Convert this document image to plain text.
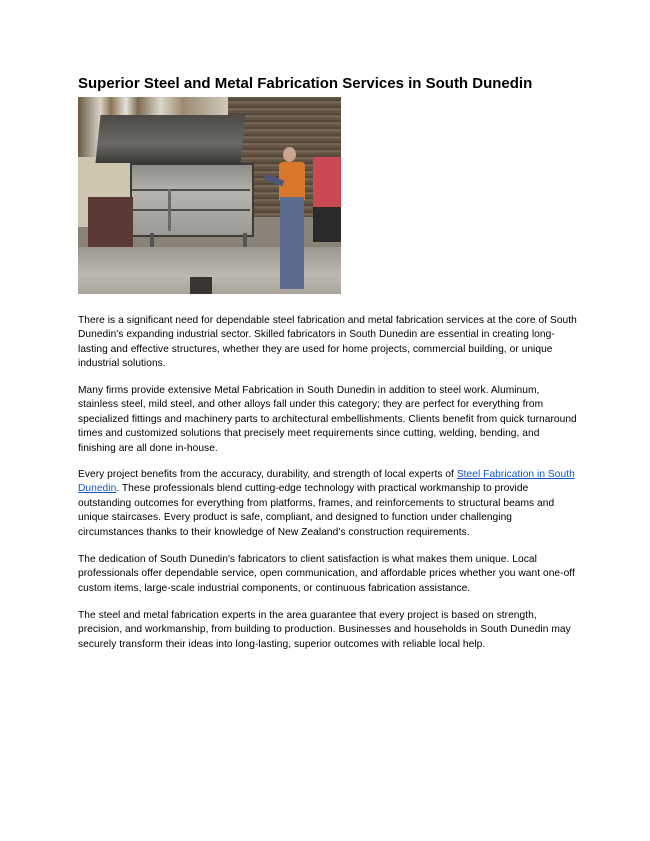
Superior Steel and Metal Fabrication Services in South Dunedin

There is a significant need for dependable steel fabrication and metal fabrication services at the core of South Dunedin's expanding industrial sector. Skilled fabricators in South Dunedin are essential in creating long-lasting and effective structures, whether they are used for home projects, commercial building, or unique industrial solutions.

Many firms provide extensive Metal Fabrication in South Dunedin in addition to steel work. Aluminum, stainless steel, mild steel, and other alloys fall under this category; they are perfect for everything from specialized fittings and machinery parts to architectural embellishments. Clients benefit from quick turnaround times and customized solutions that precisely meet requirements since cutting, welding, bending, and finishing are all done in-house.

Every project benefits from the accuracy, durability, and strength of local experts of Steel Fabrication in South Dunedin. These professionals blend cutting-edge technology with practical workmanship to provide outstanding outcomes for everything from platforms, frames, and reinforcements to structural beams and unique staircases. Every product is safe, compliant, and designed to function under challenging circumstances thanks to their knowledge of New Zealand's construction requirements.

The dedication of South Dunedin's fabricators to client satisfaction is what makes them unique. Local professionals offer dependable service, open communication, and affordable prices whether you want one-off custom items, large-scale industrial components, or continuous fabrication assistance.

The steel and metal fabrication experts in the area guarantee that every project is based on strength, precision, and workmanship, from building to production. Businesses and households in South Dunedin may securely transform their ideas into long-lasting, superior outcomes with reliable local help.
